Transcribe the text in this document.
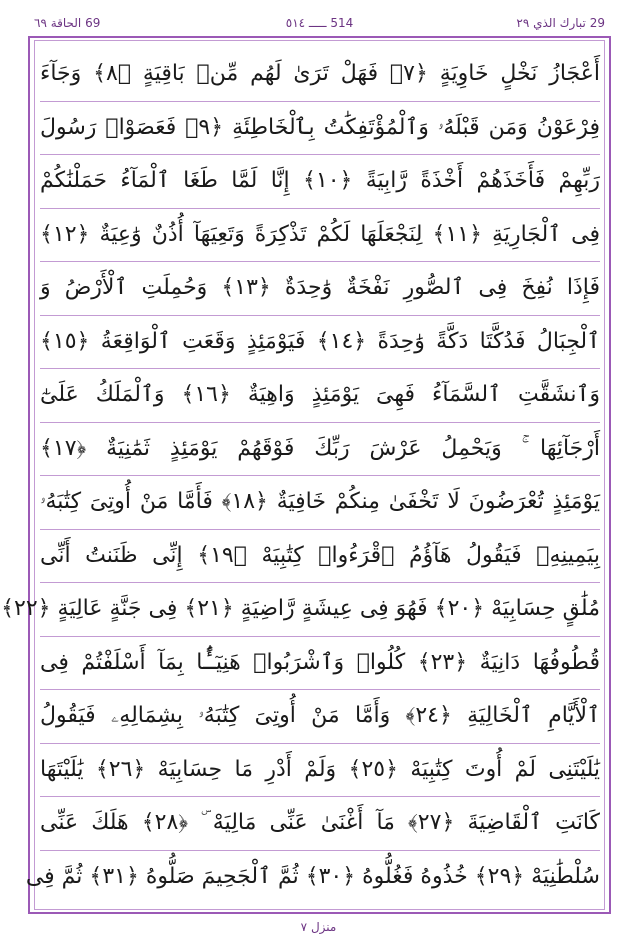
29 تبارك الذي ٢٩
514 ـــــ ٥١٤
69 الحاقة ٦٩
أَعْجَازُ نَخْلٍ خَاوِيَةٍ ﴿٧﴾ فَهَلْ تَرَىٰ لَهُم مِّنۢ بَاقِيَةٍ ﴿٨﴾ وَجَآءَ
فِرْعَوْنُ وَمَن قَبْلَهُۥ وَٱلْمُؤْتَفِكَٰتُ بِٱلْخَاطِئَةِ ﴿٩﴾ فَعَصَوْا۟ رَسُولَ
رَبِّهِمْ فَأَخَذَهُمْ أَخْذَةً رَّابِيَةً ﴿١٠﴾ إِنَّا لَمَّا طَغَا ٱلْمَآءُ حَمَلْنَٰكُمْ
فِى ٱلْجَارِيَةِ ﴿١١﴾ لِنَجْعَلَهَا لَكُمْ تَذْكِرَةً وَتَعِيَهَآ أُذُنٌ وَٰعِيَةٌ ﴿١٢﴾
فَإِذَا نُفِخَ فِى ٱلصُّورِ نَفْخَةٌ وَٰحِدَةٌ ﴿١٣﴾ وَحُمِلَتِ ٱلْأَرْضُ وَ
ٱلْجِبَالُ فَدُكَّتَا دَكَّةً وَٰحِدَةً ﴿١٤﴾ فَيَوْمَئِذٍ وَقَعَتِ ٱلْوَاقِعَةُ ﴿١٥﴾
وَٱنشَقَّتِ ٱلسَّمَآءُ فَهِىَ يَوْمَئِذٍ وَاهِيَةٌ ﴿١٦﴾ وَٱلْمَلَكُ عَلَىٰٓ
أَرْجَآئِهَا ۚ وَيَحْمِلُ عَرْشَ رَبِّكَ فَوْقَهُمْ يَوْمَئِذٍ ثَمَٰنِيَةٌ ﴿١٧﴾
يَوْمَئِذٍ تُعْرَضُونَ لَا تَخْفَىٰ مِنكُمْ خَافِيَةٌ ﴿١٨﴾ فَأَمَّا مَنْ أُوتِىَ كِتَٰبَهُۥ
بِيَمِينِهِۦ فَيَقُولُ هَآؤُمُ ٱقْرَءُوا۟ كِتَٰبِيَهْ ﴿١٩﴾ إِنِّى ظَنَنتُ أَنِّى
مُلَٰقٍ حِسَابِيَهْ ﴿٢٠﴾ فَهُوَ فِى عِيشَةٍ رَّاضِيَةٍ ﴿٢١﴾ فِى جَنَّةٍ عَالِيَةٍ ﴿٢٢﴾
قُطُوفُهَا دَانِيَةٌ ﴿٢٣﴾ كُلُوا۟ وَٱشْرَبُوا۟ هَنِيٓـًٔۢا بِمَآ أَسْلَفْتُمْ فِى
ٱلْأَيَّامِ ٱلْخَالِيَةِ ﴿٢٤﴾ وَأَمَّا مَنْ أُوتِىَ كِتَٰبَهُۥ بِشِمَالِهِۦ فَيَقُولُ
يَٰلَيْتَنِى لَمْ أُوتَ كِتَٰبِيَهْ ﴿٢٥﴾ وَلَمْ أَدْرِ مَا حِسَابِيَهْ ﴿٢٦﴾ يَٰلَيْتَهَا
كَانَتِ ٱلْقَاضِيَةَ ﴿٢٧﴾ مَآ أَغْنَىٰ عَنِّى مَالِيَهْ ۜ ﴿٢٨﴾ هَلَكَ عَنِّى
سُلْطَٰنِيَهْ ﴿٢٩﴾ خُذُوهُ فَغُلُّوهُ ﴿٣٠﴾ ثُمَّ ٱلْجَحِيمَ صَلُّوهُ ﴿٣١﴾ ثُمَّ فِى
منزل ٧
